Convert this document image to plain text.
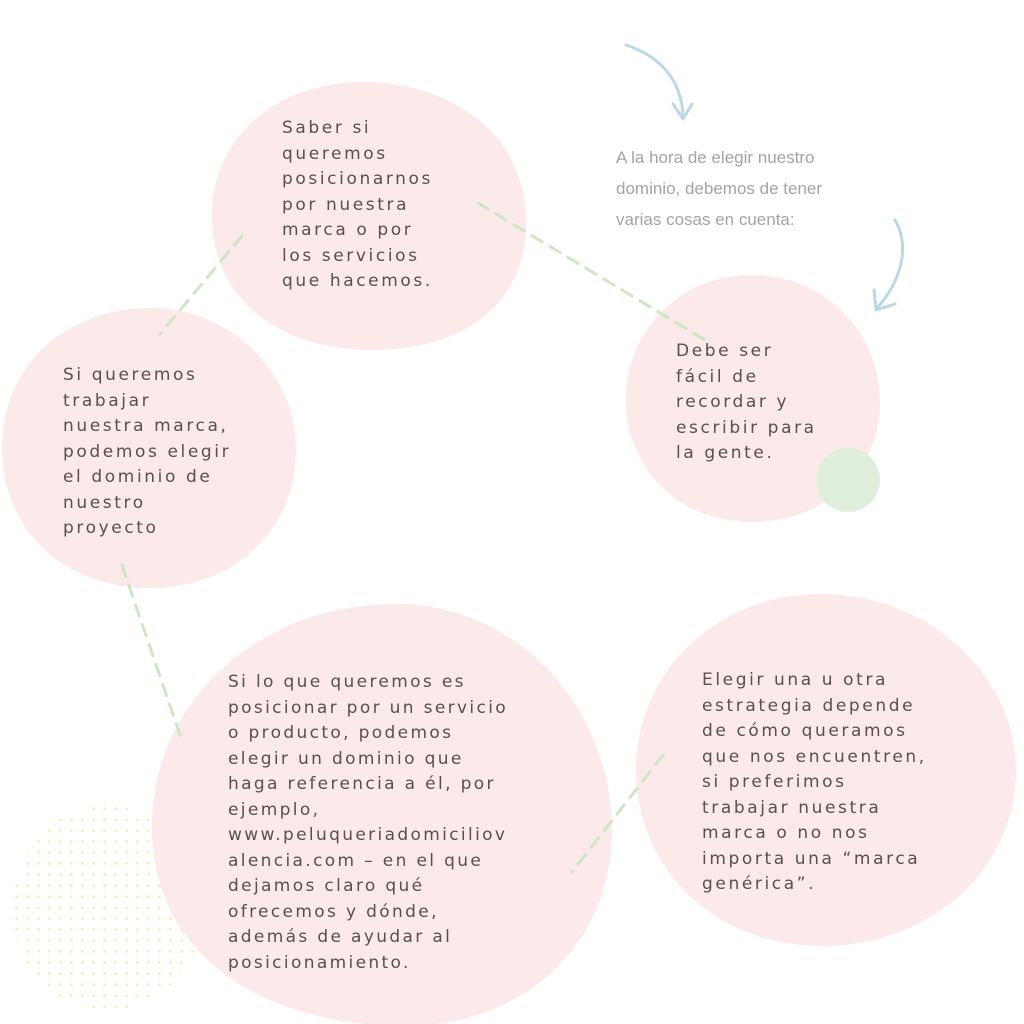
A la hora de elegir nuestro
dominio, debemos de tener
varias cosas en cuenta:

Saber si
queremos
posicionarnos
por nuestra
marca o por
los servicios
que hacemos.

Debe ser
fácil de
recordar y
escribir para
la gente.

Si queremos
trabajar
nuestra marca,
podemos elegir
el dominio de
nuestro
proyecto

Si lo que queremos es
posicionar por un servicio
o producto, podemos
elegir un dominio que
haga referencia a él, por
ejemplo,
www.peluqueriadomiciliov
alencia.com – en el que
dejamos claro qué
ofrecemos y dónde,
además de ayudar al
posicionamiento.

Elegir una u otra
estrategia depende
de cómo queramos
que nos encuentren,
si preferimos
trabajar nuestra
marca o no nos
importa una “marca
genérica”.
